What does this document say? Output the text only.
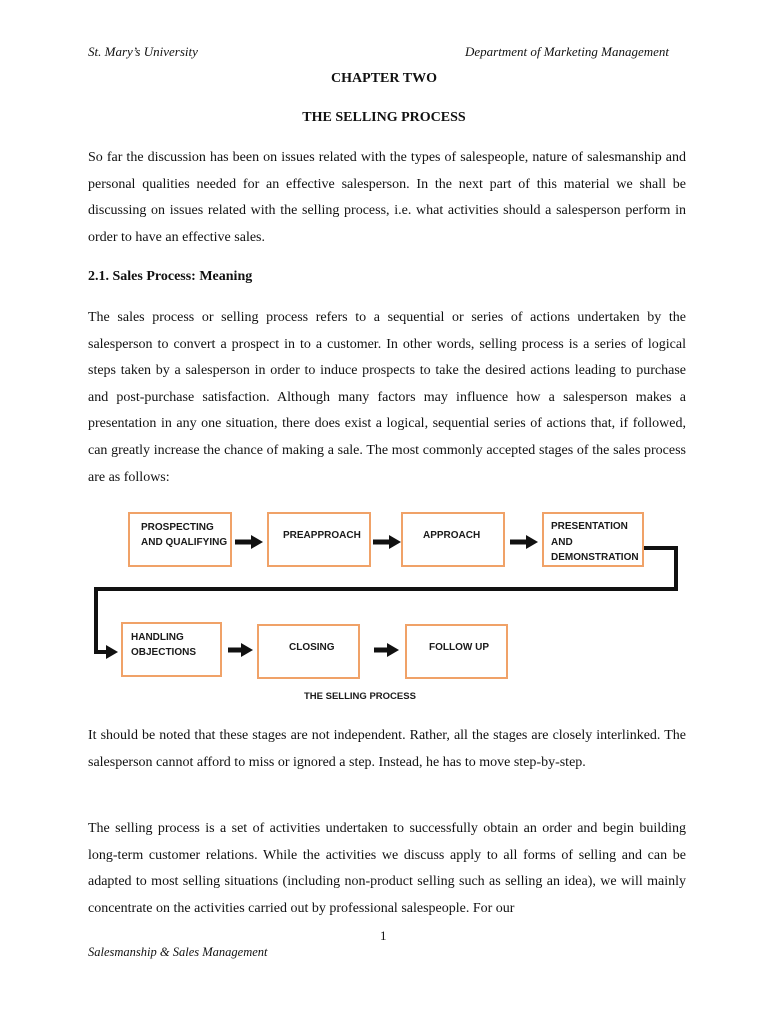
St. Mary’s University	Department of Marketing Management
CHAPTER TWO
THE SELLING PROCESS

So far the discussion has been on issues related with the types of salespeople, nature of salesmanship and personal qualities needed for an effective salesperson. In the next part of this material we shall be discussing on issues related with the selling process, i.e. what activities should a salesperson perform in order to have an effective sales.

2.1. Sales Process: Meaning

The sales process or selling process refers to a sequential or series of actions undertaken by the salesperson to convert a prospect in to a customer. In other words, selling process is a series of logical steps taken by a salesperson in order to induce prospects to take the desired actions leading to purchase and post-purchase satisfaction. Although many factors may influence how a salesperson makes a presentation in any one situation, there does exist a logical, sequential series of actions that, if followed, can greatly increase the chance of making a sale. The most commonly accepted stages of the sales process are as follows:

PROSPECTING
AND QUALIFYING
PREAPPROACH	APPROACH
PRESENTATION
AND
DEMONSTRATION
HANDLING
OBJECTIONS	CLOSING	FOLLOW UP
THE SELLING PROCESS

It should be noted that these stages are not independent. Rather, all the stages are closely interlinked. The salesperson cannot afford to miss or ignored a step. Instead, he has to move step-by-step.

The selling process is a set of activities undertaken to successfully obtain an order and begin building long-term customer relations. While the activities we discuss apply to all forms of selling and can be adapted to most selling situations (including non-product selling such as selling an idea), we will mainly concentrate on the activities carried out by professional salespeople. For our

1
Salesmanship & Sales Management
